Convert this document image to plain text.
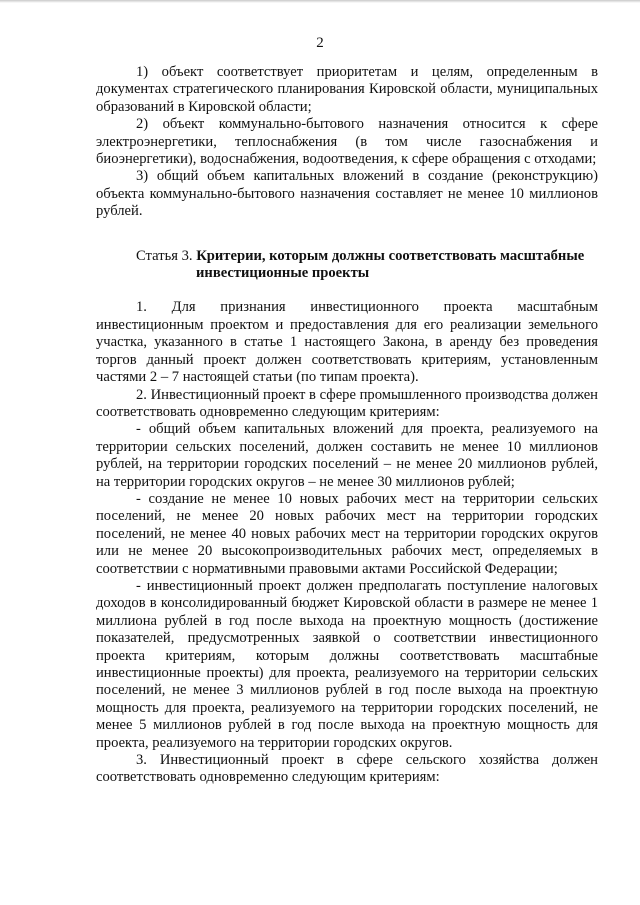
2

1) объект соответствует приоритетам и целям, определенным в документах стратегического планирования Кировской области, муниципальных образований в Кировской области;

2) объект коммунально-бытового назначения относится к сфере электроэнергетики, теплоснабжения (в том числе газоснабжения и биоэнергетики), водоснабжения, водоотведения, к сфере обращения с отходами;

3) общий объем капитальных вложений в создание (реконструкцию) объекта коммунально-бытового назначения составляет не менее 10 миллионов рублей.

Статья 3. Критерии, которым должны соответствовать масштабные
инвестиционные проекты

1. Для признания инвестиционного проекта масштабным инвестиционным проектом и предоставления для его реализации земельного участка, указанного в статье 1 настоящего Закона, в аренду без проведения торгов данный проект должен соответствовать критериям, установленным частями 2 – 7 настоящей статьи (по типам проекта).

2. Инвестиционный проект в сфере промышленного производства должен соответствовать одновременно следующим критериям:

- общий объем капитальных вложений для проекта, реализуемого на территории сельских поселений, должен составить не менее 10 миллионов рублей, на территории городских поселений – не менее 20 миллионов рублей, на территории городских округов – не менее 30 миллионов рублей;

- создание не менее 10 новых рабочих мест на территории сельских поселений, не менее 20 новых рабочих мест на территории городских поселений, не менее 40 новых рабочих мест на территории городских округов или не менее 20 высокопроизводительных рабочих мест, определяемых в соответствии с нормативными правовыми актами Российской Федерации;

- инвестиционный проект должен предполагать поступление налоговых доходов в консолидированный бюджет Кировской области в размере не менее 1 миллиона рублей в год после выхода на проектную мощность (достижение показателей, предусмотренных заявкой о соответствии инвестиционного проекта критериям, которым должны соответствовать масштабные инвестиционные проекты) для проекта, реализуемого на территории сельских поселений, не менее 3 миллионов рублей в год после выхода на проектную мощность для проекта, реализуемого на территории городских поселений, не менее 5 миллионов рублей в год после выхода на проектную мощность для проекта, реализуемого на территории городских округов.

3. Инвестиционный проект в сфере сельского хозяйства должен соответствовать одновременно следующим критериям:
